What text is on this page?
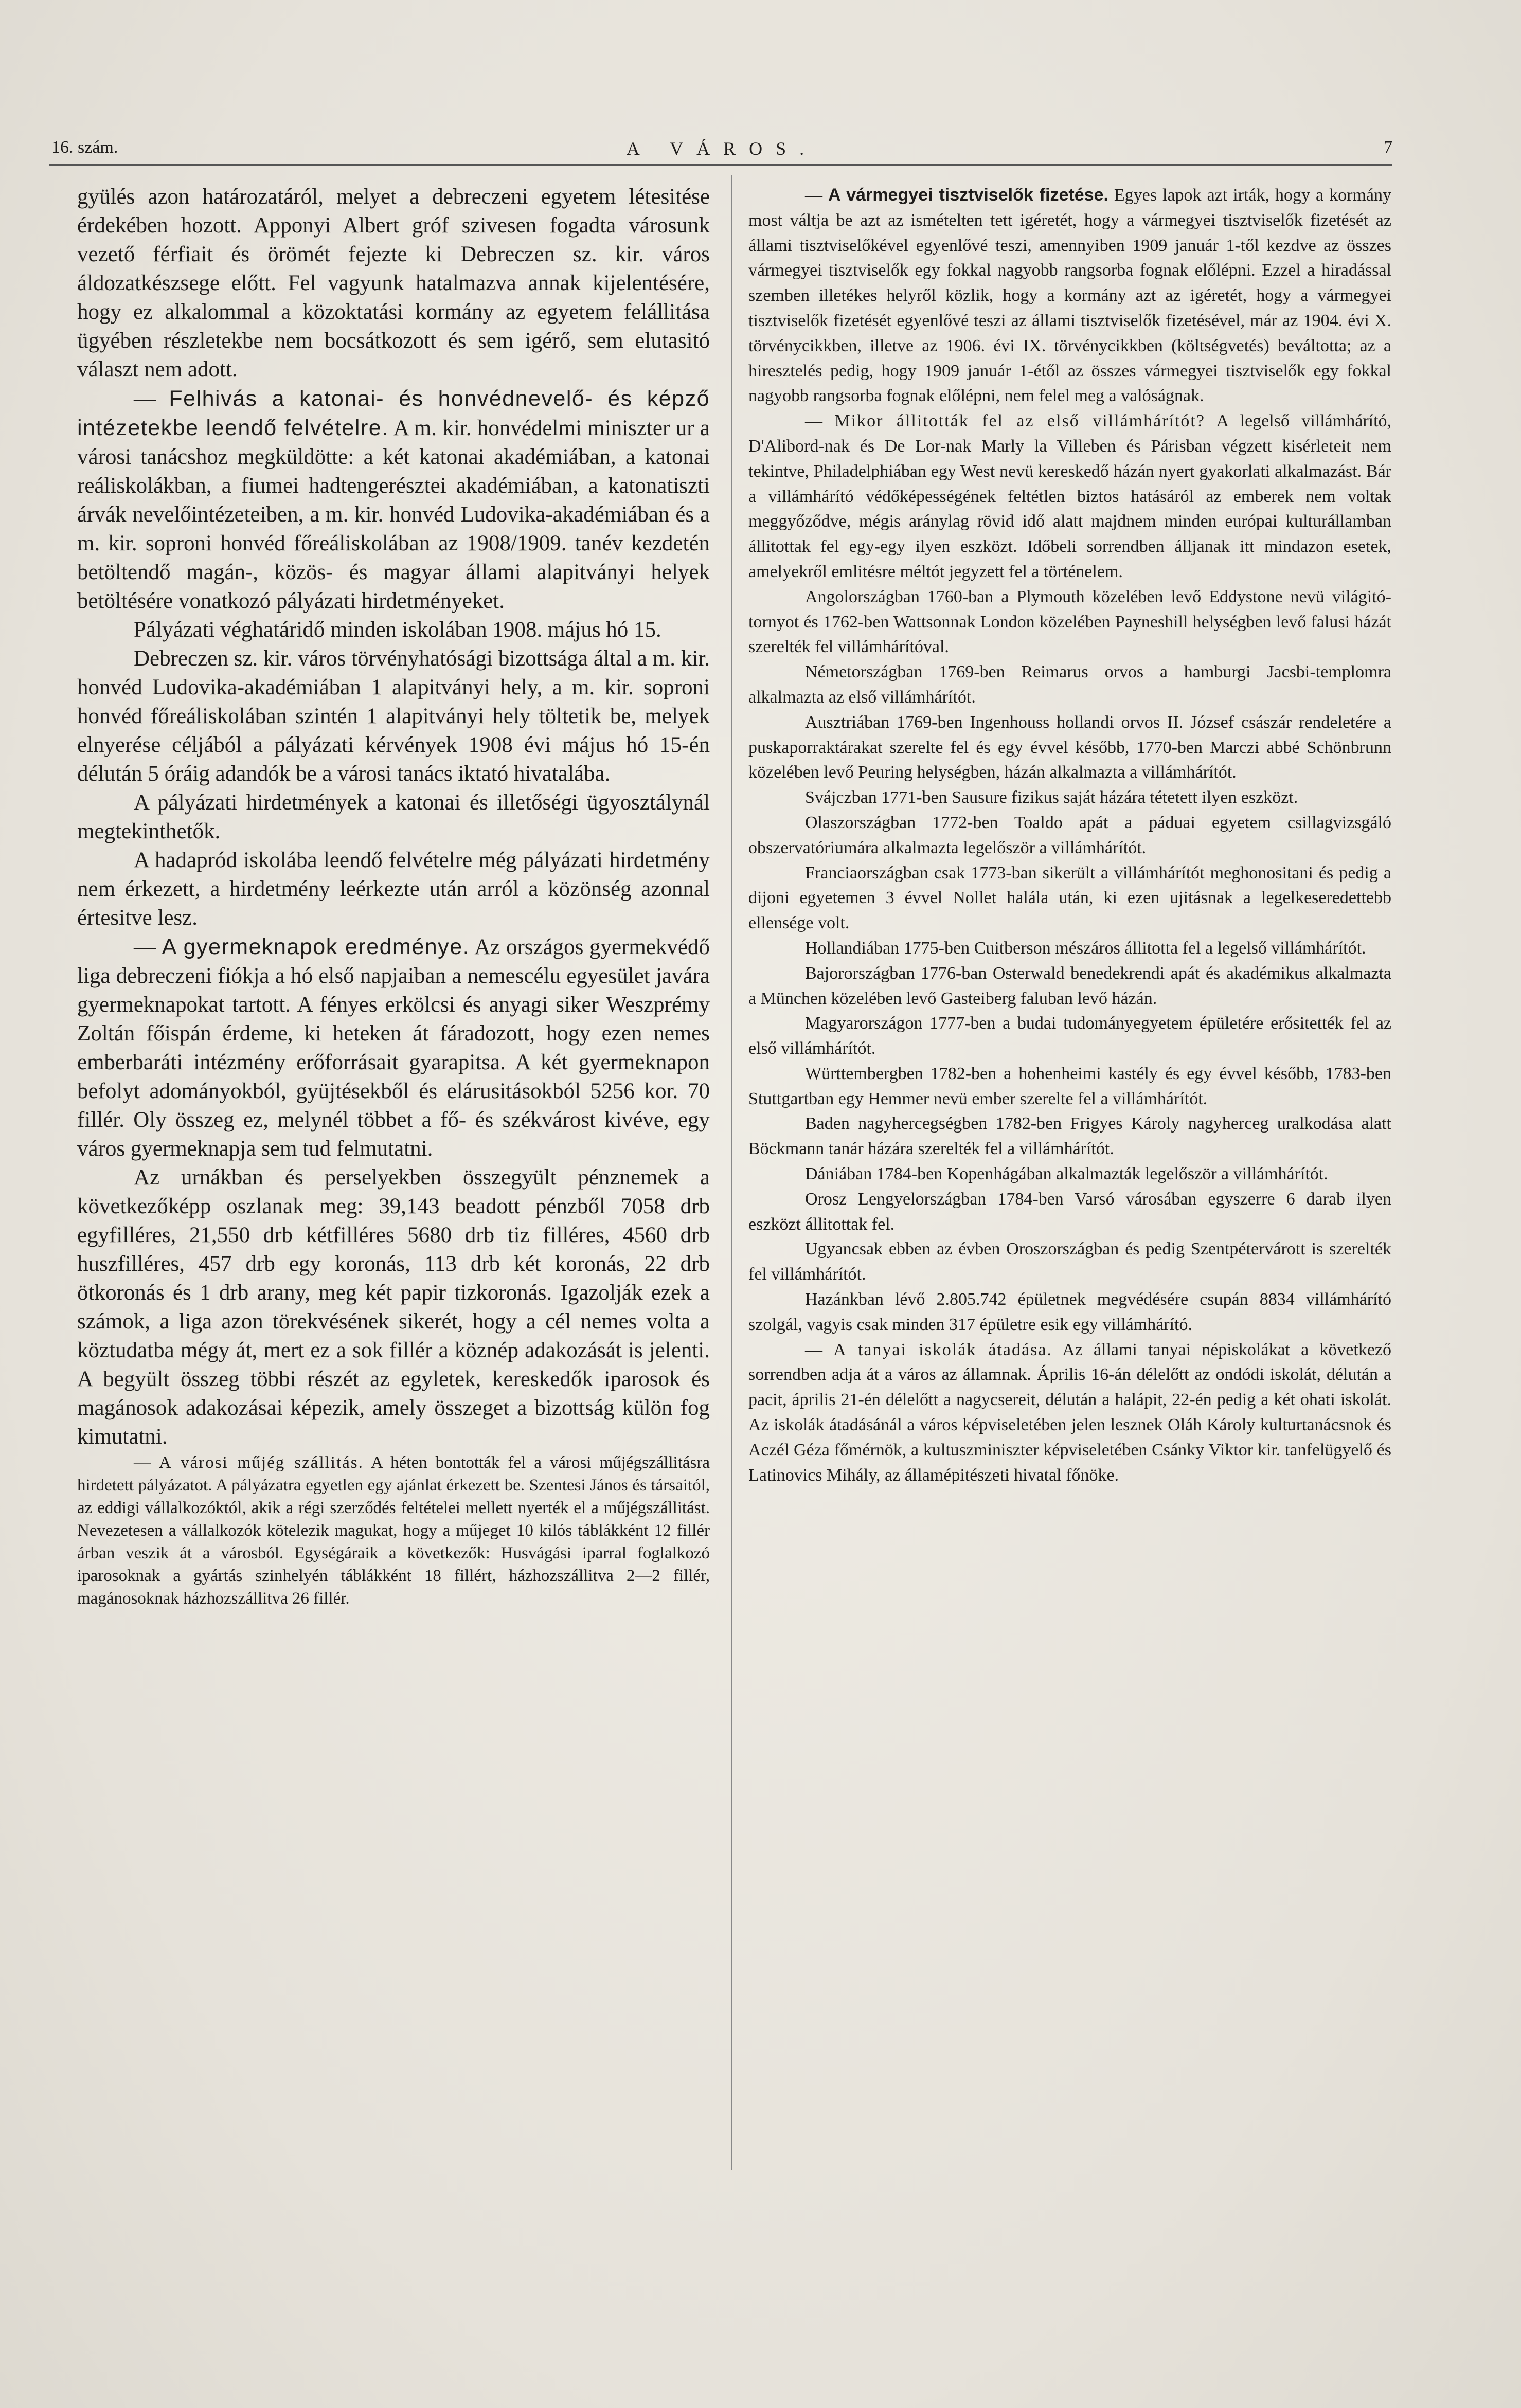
16. szám.	A VÁROS.	7

gyülés azon határozatáról, melyet a debreczeni egyetem létesitése érdekében hozott. Apponyi Albert gróf szivesen fogadta városunk vezető férfiait és örömét fejezte ki Debreczen sz. kir. város áldozatkészsege előtt. Fel vagyunk hatalmazva annak kijelentésére, hogy ez alkalommal a közoktatási kormány az egyetem felállitása ügyében részletekbe nem bocsátkozott és sem igérő, sem elutasitó választ nem adott.

— Felhivás a katonai- és honvédnevelő- és képző intézetekbe leendő felvételre. A m. kir. honvédelmi miniszter ur a városi tanácshoz megküldötte: a két katonai akadémiában, a katonai reáliskolákban, a fiumei hadtengerésztei akadémiában, a katonatiszti árvák nevelőintézeteiben, a m. kir. honvéd Ludovika-akadémiában és a m. kir. soproni honvéd főreáliskolában az 1908/1909. tanév kezdetén betöltendő magán-, közös- és magyar állami alapitványi helyek betöltésére vonatkozó pályázati hirdetményeket.

Pályázati véghatáridő minden iskolában 1908. május hó 15.

Debreczen sz. kir. város törvényhatósági bizottsága által a m. kir. honvéd Ludovika-akadémiában 1 alapitványi hely, a m. kir. soproni honvéd főreáliskolában szintén 1 alapitványi hely töltetik be, melyek elnyerése céljából a pályázati kérvények 1908 évi május hó 15-én délután 5 óráig adandók be a városi tanács iktató hivatalába.

A pályázati hirdetmények a katonai és illetőségi ügyosztálynál megtekinthetők.

A hadapród iskolába leendő felvételre még pályázati hirdetmény nem érkezett, a hirdetmény leérkezte után arról a közönség azonnal értesitve lesz.

— A gyermeknapok eredménye. Az országos gyermekvédő liga debreczeni fiókja a hó első napjaiban a nemescélu egyesület javára gyermeknapokat tartott. A fényes erkölcsi és anyagi siker Weszprémy Zoltán főispán érdeme, ki heteken át fáradozott, hogy ezen nemes emberbaráti intézmény erőforrásait gyarapitsa. A két gyermeknapon befolyt adományokból, gyüjtésekből és elárusitásokból 5256 kor. 70 fillér. Oly összeg ez, melynél többet a fő- és székvárost kivéve, egy város gyermeknapja sem tud felmutatni.

Az urnákban és perselyekben összegyült pénznemek a következőképp oszlanak meg: 39,143 beadott pénzből 7058 drb egyfilléres, 21,550 drb kétfilléres 5680 drb tiz filléres, 4560 drb huszfilléres, 457 drb egy koronás, 113 drb két koronás, 22 drb ötkoronás és 1 drb arany, meg két papir tizkoronás. Igazolják ezek a számok, a liga azon törekvésének sikerét, hogy a cél nemes volta a köztudatba mégy át, mert ez a sok fillér a köznép adakozását is jelenti. A begyült összeg többi részét az egyletek, kereskedők iparosok és magánosok adakozásai képezik, amely összeget a bizottság külön fog kimutatni.

— A városi műjég szállitás. A héten bontották fel a városi műjégszállitásra hirdetett pályázatot. A pályázatra egyetlen egy ajánlat érkezett be. Szentesi János és társaitól, az eddigi vállalkozóktól, akik a régi szerződés feltételei mellett nyerték el a műjégszállitást. Nevezetesen a vállalkozók kötelezik magukat, hogy a műjeget 10 kilós táblákként 12 fillér árban veszik át a városból. Egységáraik a következők: Husvágási iparral foglalkozó iparosoknak a gyártás szinhelyén táblákként 18 fillért, házhozszállitva 2—2 fillér, magánosoknak házhozszállitva 26 fillér.

— A vármegyei tisztviselők fizetése. Egyes lapok azt irták, hogy a kormány most váltja be azt az ismételten tett igéretét, hogy a vármegyei tisztviselők fizetését az állami tisztviselőkével egyenlővé teszi, amennyiben 1909 január 1-től kezdve az összes vármegyei tisztviselők egy fokkal nagyobb rangsorba fognak előlépni. Ezzel a hiradással szemben illetékes helyről közlik, hogy a kormány azt az igéretét, hogy a vármegyei tisztviselők fizetését egyenlővé teszi az állami tisztviselők fizetésével, már az 1904. évi X. törvénycikkben, illetve az 1906. évi IX. törvénycikkben (költségvetés) beváltotta; az a hiresztelés pedig, hogy 1909 január 1-étől az összes vármegyei tisztviselők egy fokkal nagyobb rangsorba fognak előlépni, nem felel meg a valóságnak.

— Mikor állitották fel az első villámhárítót? A legelső villámhárító, D'Alibord-nak és De Lor-nak Marly la Villeben és Párisban végzett kisérleteit nem tekintve, Philadelphiában egy West nevü kereskedő házán nyert gyakorlati alkalmazást. Bár a villámhárító védőképességének feltétlen biztos hatásáról az emberek nem voltak meggyőződve, mégis aránylag rövid idő alatt majdnem minden európai kulturállamban állitottak fel egy-egy ilyen eszközt. Időbeli sorrendben álljanak itt mindazon esetek, amelyekről emlitésre méltót jegyzett fel a történelem.

Angolországban 1760-ban a Plymouth közelében levő Eddystone nevü világitó-tornyot és 1762-ben Wattsonnak London közelében Payneshill helységben levő falusi házát szerelték fel villámhárítóval.

Németországban 1769-ben Reimarus orvos a hamburgi Jacsbi-templomra alkalmazta az első villámhárítót.

Ausztriában 1769-ben Ingenhouss hollandi orvos II. József császár rendeletére a puskaporraktárakat szerelte fel és egy évvel később, 1770-ben Marczi abbé Schönbrunn közelében levő Peuring helységben, házán alkalmazta a villámhárítót.

Svájczban 1771-ben Sausure fizikus saját házára tétetett ilyen eszközt.

Olaszországban 1772-ben Toaldo apát a páduai egyetem csillagvizsgáló obszervatóriumára alkalmazta legelőször a villámhárítót.

Franciaországban csak 1773-ban sikerült a villámhárítót meghonositani és pedig a dijoni egyetemen 3 évvel Nollet halála után, ki ezen ujitásnak a legelkeseredettebb ellensége volt.

Hollandiában 1775-ben Cuitberson mészáros állitotta fel a legelső villámhárítót.

Bajorországban 1776-ban Osterwald benedekrendi apát és akadémikus alkalmazta a München közelében levő Gasteiberg faluban levő házán.

Magyarországon 1777-ben a budai tudományegyetem épületére erősitették fel az első villámhárítót.

Württembergben 1782-ben a hohenheimi kastély és egy évvel később, 1783-ben Stuttgartban egy Hemmer nevü ember szerelte fel a villámhárítót.

Baden nagyhercegségben 1782-ben Frigyes Károly nagyherceg uralkodása alatt Böckmann tanár házára szerelték fel a villámhárítót.

Dániában 1784-ben Kopenhágában alkalmazták legelőször a villámhárítót.

Orosz Lengyelországban 1784-ben Varsó városában egyszerre 6 darab ilyen eszközt állitottak fel.

Ugyancsak ebben az évben Oroszországban és pedig Szentpétervárott is szerelték fel villámhárítót.

Hazánkban lévő 2.805.742 épületnek megvédésére csupán 8834 villámhárító szolgál, vagyis csak minden 317 épületre esik egy villámhárító.

— A tanyai iskolák átadása. Az állami tanyai népiskolákat a következő sorrendben adja át a város az államnak. Április 16-án délelőtt az ondódi iskolát, délután a pacit, április 21-én délelőtt a nagycsereit, délután a halápit, 22-én pedig a két ohati iskolát. Az iskolák átadásánál a város képviseletében jelen lesznek Oláh Károly kulturtanácsnok és Aczél Géza főmérnök, a kultuszminiszter képviseletében Csánky Viktor kir. tanfelügyelő és Latinovics Mihály, az államépitészeti hivatal főnöke.
